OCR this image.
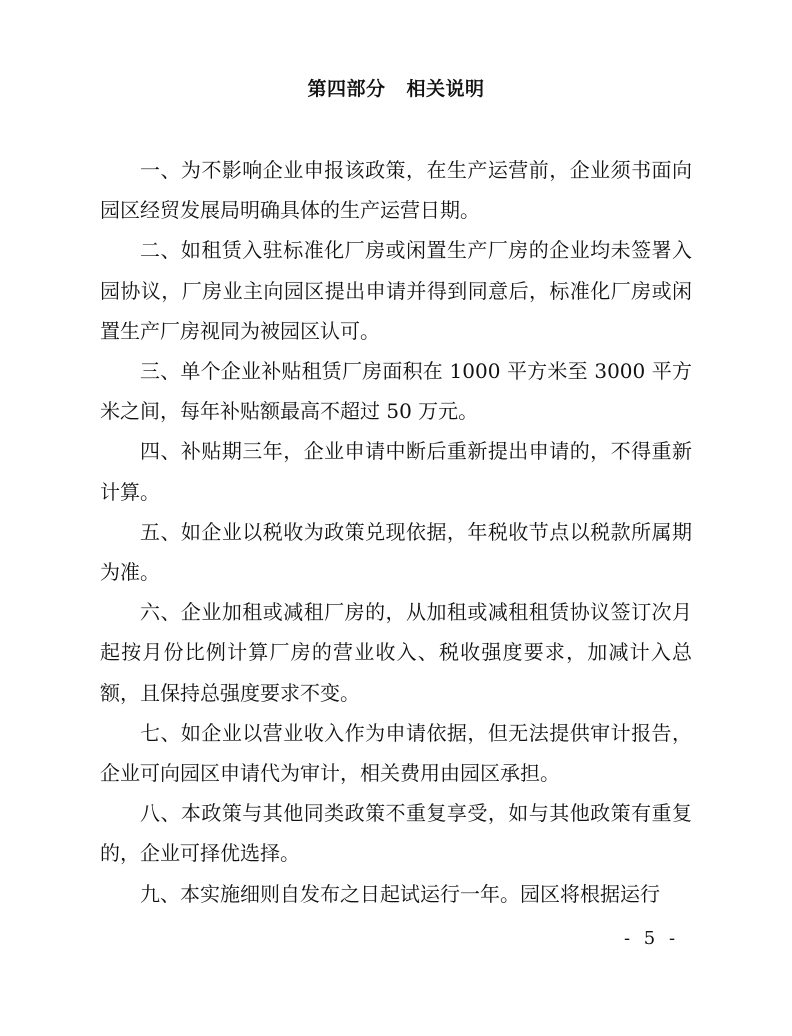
第四部分 相关说明

一、为不影响企业申报该政策，在生产运营前，企业须书面向园区经贸发展局明确具体的生产运营日期。

二、如租赁入驻标准化厂房或闲置生产厂房的企业均未签署入园协议，厂房业主向园区提出申请并得到同意后，标准化厂房或闲置生产厂房视同为被园区认可。

三、单个企业补贴租赁厂房面积在 1000 平方米至 3000 平方米之间，每年补贴额最高不超过 50 万元。

四、补贴期三年，企业申请中断后重新提出申请的，不得重新计算。

五、如企业以税收为政策兑现依据，年税收节点以税款所属期为准。

六、企业加租或减租厂房的，从加租或减租租赁协议签订次月起按月份比例计算厂房的营业收入、税收强度要求，加减计入总额，且保持总强度要求不变。

七、如企业以营业收入作为申请依据，但无法提供审计报告，企业可向园区申请代为审计，相关费用由园区承担。

八、本政策与其他同类政策不重复享受，如与其他政策有重复的，企业可择优选择。

九、本实施细则自发布之日起试运行一年。园区将根据运行

- 5 -
